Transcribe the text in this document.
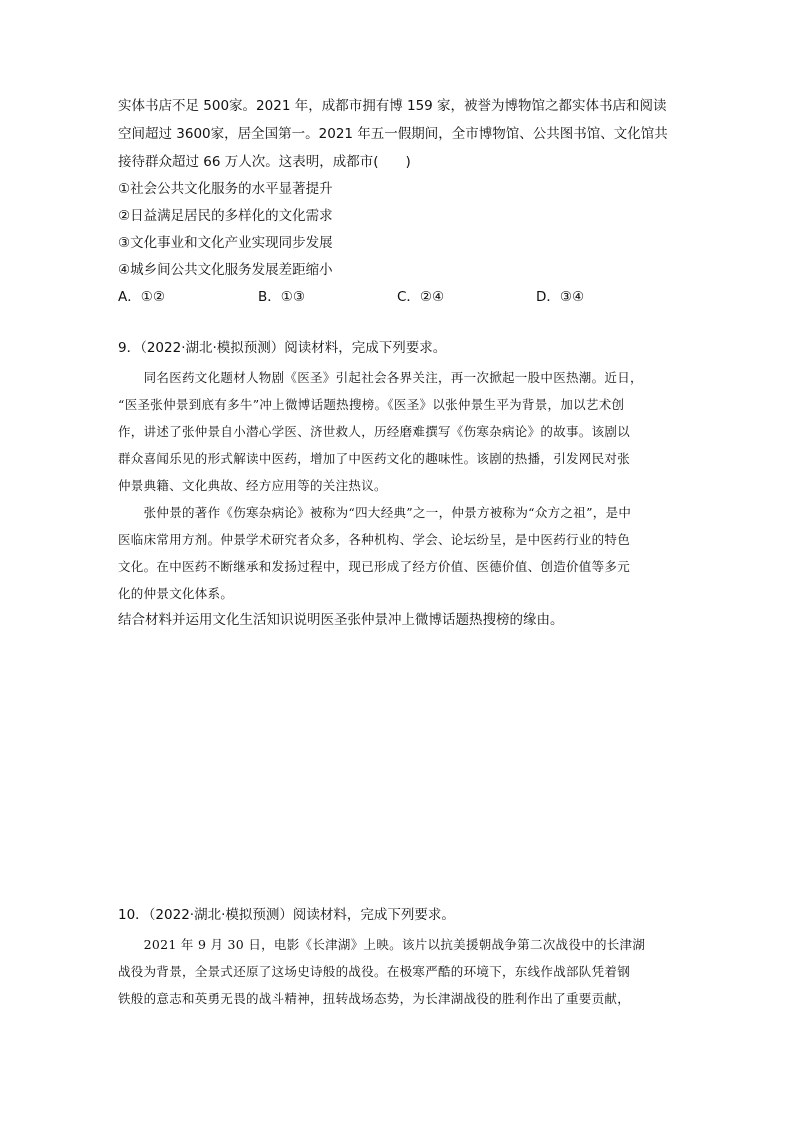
实体书店不足 500家。2021 年，成都市拥有博 159 家，被誉为博物馆之都实体书店和阅读
空间超过 3600家，居全国第一。2021 年五一假期间，全市博物馆、公共图书馆、文化馆共
接待群众超过 66 万人次。这表明，成都市(　　)
①社会公共文化服务的水平显著提升
②日益满足居民的多样化的文化需求
③文化事业和文化产业实现同步发展
④城乡间公共文化服务发展差距缩小
A．①②	B．①③	C．②④	D．③④
9．（2022·湖北·模拟预测）阅读材料，完成下列要求。
　　同名医药文化题材人物剧《医圣》引起社会各界关注，再一次掀起一股中医热潮。近日，
“医圣张仲景到底有多牛”冲上微博话题热搜榜。《医圣》以张仲景生平为背景，加以艺术创
作，讲述了张仲景自小潜心学医、济世救人，历经磨难撰写《伤寒杂病论》的故事。该剧以
群众喜闻乐见的形式解读中医药，增加了中医药文化的趣味性。该剧的热播，引发网民对张
仲景典籍、文化典故、经方应用等的关注热议。
　　张仲景的著作《伤寒杂病论》被称为“四大经典”之一，仲景方被称为“众方之祖”，是中
医临床常用方剂。仲景学术研究者众多，各种机构、学会、论坛纷呈，是中医药行业的特色
文化。在中医药不断继承和发扬过程中，现已形成了经方价值、医德价值、创造价值等多元
化的仲景文化体系。
结合材料并运用文化生活知识说明医圣张仲景冲上微博话题热搜榜的缘由。
10．（2022·湖北·模拟预测）阅读材料，完成下列要求。
　　2021 年 9 月 30 日，电影《长津湖》上映。该片以抗美援朝战争第二次战役中的长津湖
战役为背景，全景式还原了这场史诗般的战役。在极寒严酷的环境下，东线作战部队凭着钢
铁般的意志和英勇无畏的战斗精神，扭转战场态势，为长津湖战役的胜利作出了重要贡献，
